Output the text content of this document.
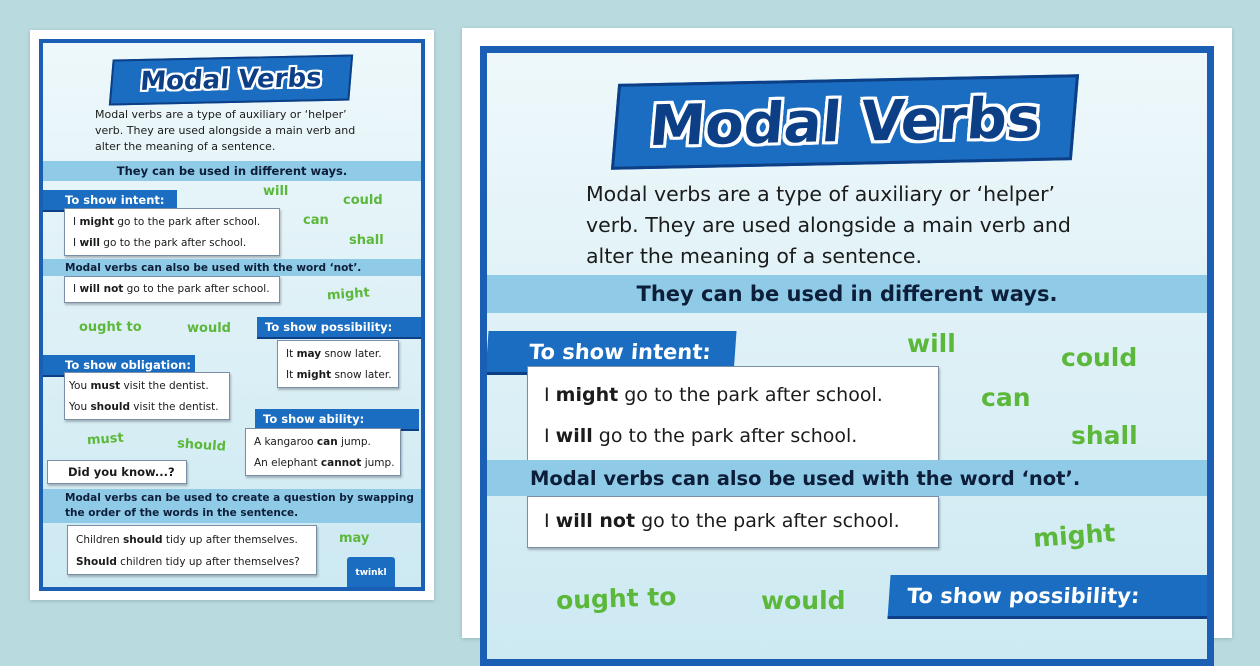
Modal Verbs
Modal verbs are a type of auxiliary or ‘helper’
verb. They are used alongside a main verb and
alter the meaning of a sentence.
They can be used in different ways.
To show intent:

I might go to the park after school.

I will go to the park after school.

Modal verbs can also be used with the word ‘not’.

I will not go to the park after school.

will
could
can
shall
might
ought to	would	To show possibility:

It may snow later.

It might snow later.

To show obligation:

You must visit the dentist.

You should visit the dentist.

To show ability:

A kangaroo can jump.

An elephant cannot jump.

must	should
Did you know...?
Modal verbs can be used to create a question by swapping
the order of the words in the sentence.

Children should tidy up after themselves.

Should children tidy up after themselves?

may
twinkl
Modal Verbs
Modal verbs are a type of auxiliary or ‘helper’
verb. They are used alongside a main verb and
alter the meaning of a sentence.
They can be used in different ways.
To show intent:

I might go to the park after school.

I will go to the park after school.

Modal verbs can also be used with the word ‘not’.

I will not go to the park after school.

will	could
can
shall
might
ought to	would	To show possibility:
